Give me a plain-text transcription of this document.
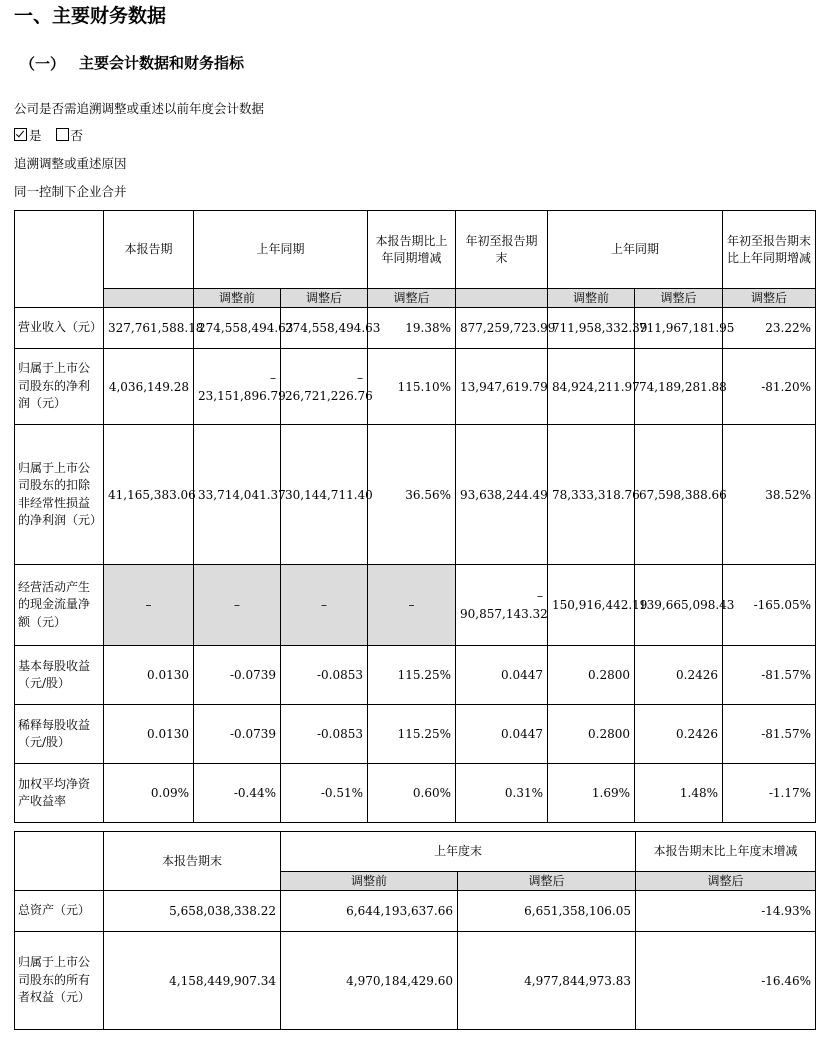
一、主要财务数据
（一） 主要会计数据和财务指标
公司是否需追溯调整或重述以前年度会计数据
是 否
追溯调整或重述原因
同一控制下企业合并
	本报告期	上年同期		本报告期比上年同期增减	年初至报告期末	上年同期		年初至报告期末比上年同期增减
		调整前	调整后	调整后		调整前	调整后	调整后
营业收入（元）	327,761,588.18	274,558,494.63	274,558,494.63	19.38%	877,259,723.99	711,958,332.39	711,967,181.95	23.22%
归属于上市公司股东的净利润（元）	4,036,149.28	–23,151,896.79	–26,721,226.76	115.10%	13,947,619.79	84,924,211.97	74,189,281.88	-81.20%
归属于上市公司股东的扣除非经常性损益的净利润（元）	41,165,383.06	33,714,041.37	30,144,711.40	36.56%	93,638,244.49	78,333,318.76	67,598,388.66	38.52%
经营活动产生的现金流量净额（元）	–	–	–	–	–90,857,143.32	150,916,442.19	139,665,098.43	-165.05%
基本每股收益（元/股）	0.0130	-0.0739	-0.0853	115.25%	0.0447	0.2800	0.2426	-81.57%
稀释每股收益（元/股）	0.0130	-0.0739	-0.0853	115.25%	0.0447	0.2800	0.2426	-81.57%
加权平均净资产收益率	0.09%	-0.44%	-0.51%	0.60%	0.31%	1.69%	1.48%	-1.17%
	本报告期末	上年度末		本报告期末比上年度末增减
		调整前	调整后	调整后
总资产（元）	5,658,038,338.22	6,644,193,637.66	6,651,358,106.05	-14.93%
归属于上市公司股东的所有者权益（元）	4,158,449,907.34	4,970,184,429.60	4,977,844,973.83	-16.46%
